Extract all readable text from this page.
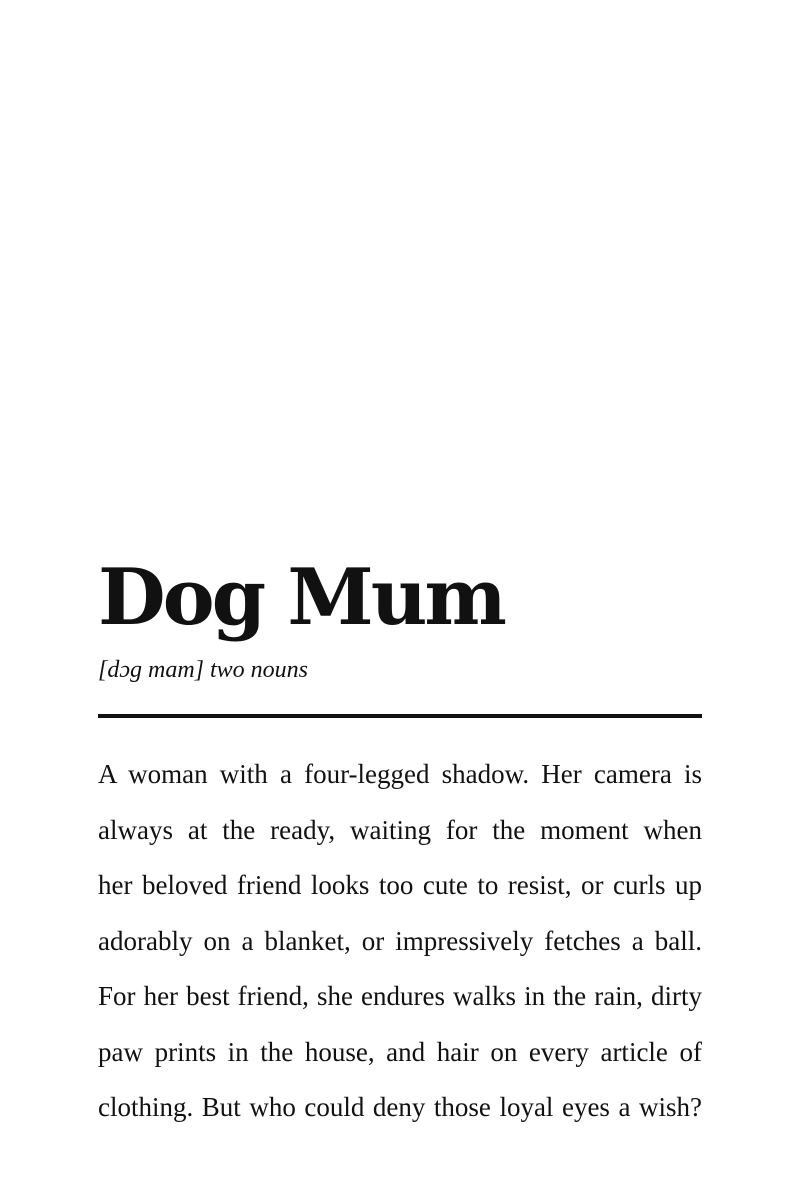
Dog Mum

[dɔg mam] two nouns

A woman with a four-legged shadow. Her camera is
always at the ready, waiting for the moment when
her beloved friend looks too cute to resist, or curls up
adorably on a blanket, or impressively fetches a ball.
For her best friend, she endures walks in the rain, dirty
paw prints in the house, and hair on every article of
clothing. But who could deny those loyal eyes a wish?
